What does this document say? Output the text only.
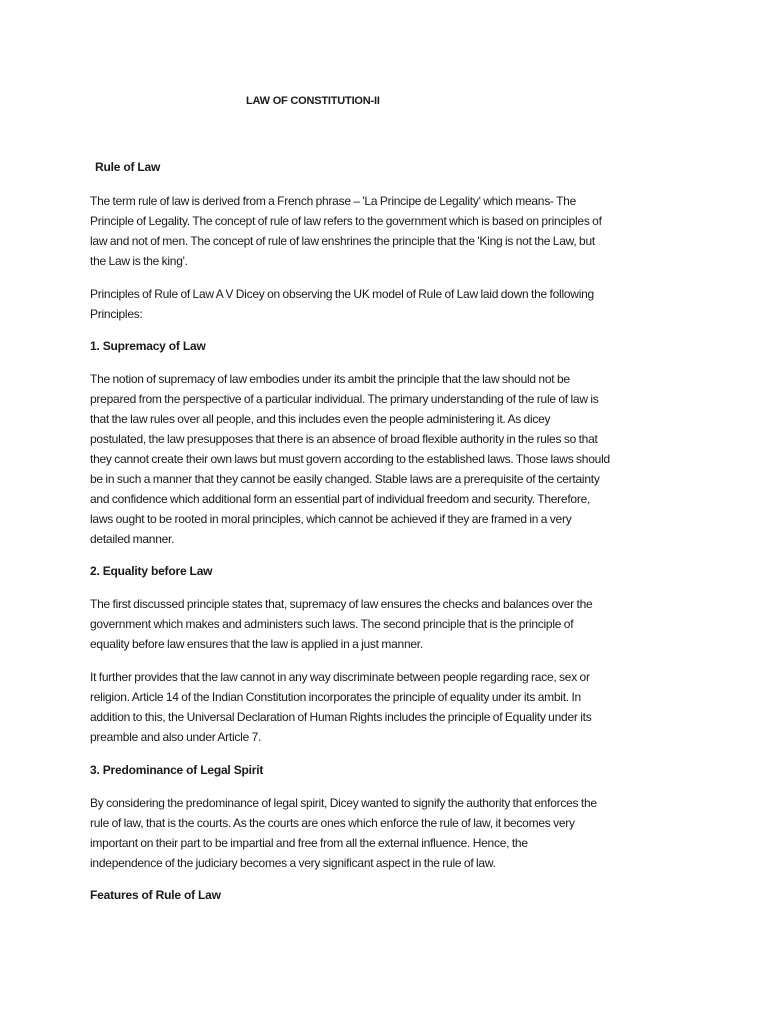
LAW OF CONSTITUTION-II
Rule of Law
The term rule of law is derived from a French phrase – 'La Principe de Legality' which means- The
Principle of Legality. The concept of rule of law refers to the government which is based on principles of
law and not of men. The concept of rule of law enshrines the principle that the 'King is not the Law, but
the Law is the king'.
Principles of Rule of Law A V Dicey on observing the UK model of Rule of Law laid down the following
Principles:
1. Supremacy of Law
The notion of supremacy of law embodies under its ambit the principle that the law should not be
prepared from the perspective of a particular individual. The primary understanding of the rule of law is
that the law rules over all people, and this includes even the people administering it. As dicey
postulated, the law presupposes that there is an absence of broad flexible authority in the rules so that
they cannot create their own laws but must govern according to the established laws. Those laws should
be in such a manner that they cannot be easily changed. Stable laws are a prerequisite of the certainty
and confidence which additional form an essential part of individual freedom and security. Therefore,
laws ought to be rooted in moral principles, which cannot be achieved if they are framed in a very
detailed manner.
2. Equality before Law
The first discussed principle states that, supremacy of law ensures the checks and balances over the
government which makes and administers such laws. The second principle that is the principle of
equality before law ensures that the law is applied in a just manner.
It further provides that the law cannot in any way discriminate between people regarding race, sex or
religion. Article 14 of the Indian Constitution incorporates the principle of equality under its ambit. In
addition to this, the Universal Declaration of Human Rights includes the principle of Equality under its
preamble and also under Article 7.
3. Predominance of Legal Spirit
By considering the predominance of legal spirit, Dicey wanted to signify the authority that enforces the
rule of law, that is the courts. As the courts are ones which enforce the rule of law, it becomes very
important on their part to be impartial and free from all the external influence. Hence, the
independence of the judiciary becomes a very significant aspect in the rule of law.
Features of Rule of Law
